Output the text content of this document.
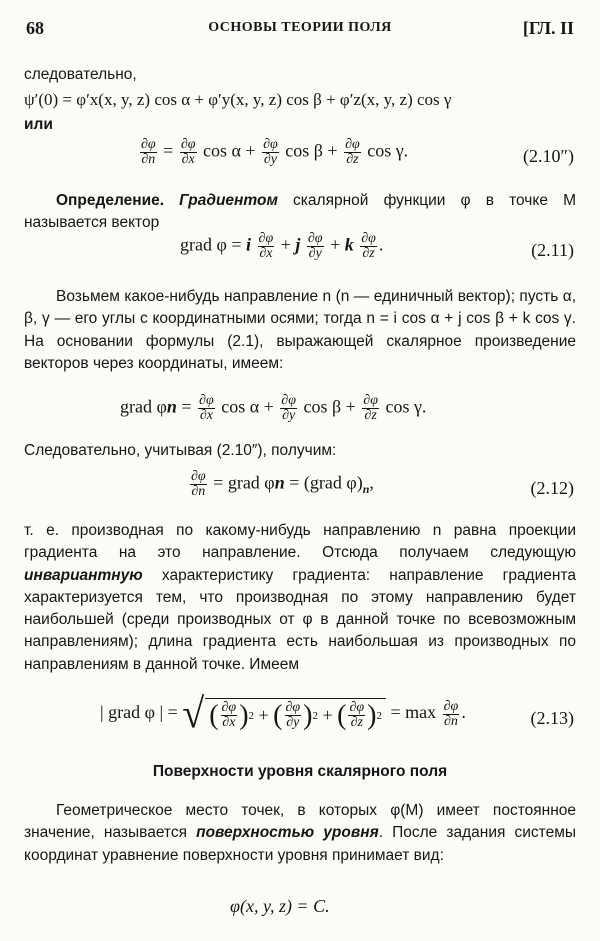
68	ОСНОВЫ ТЕОРИИ ПОЛЯ	[ГЛ. II
следовательно,
ψ′(0) = φ′x(x, y, z) cos α + φ′y(x, y, z) cos β + φ′z(x, y, z) cos γ
или
$\frac{\partial\varphi}{\partial n} = \frac{\partial\varphi}{\partial x}$ $\cos \alpha + \frac{\partial\varphi}{\partial y}$ $\cos \beta + \frac{\partial\varphi}{\partial z}$ cos γ.	(2.10″)
Определение. Градиентом скалярной функции φ в точке M называется вектор
grad φ = i $\frac{\partial\varphi}{\partial x} + j \frac{\partial\varphi}{\partial y} + k \frac{\partial\varphi}{\partial z}$ .	(2.11)
Возьмем какое-нибудь направление n (n — единичный вектор); пусть α, β, γ — его углы с координатными осями; тогда n = i cos α + j cos β + k cos γ. На основании формулы (2.1), выражающей скалярное произведение векторов через координаты, имеем:
grad $\varphi n = \frac{\partial\varphi}{\partial x}$ $\cos \alpha + \frac{\partial\varphi}{\partial y}$ $\cos \beta + \frac{\partial\varphi}{\partial z}$ cos γ.
Следовательно, учитывая (2.10″), получим:
$\frac{\partial\varphi}{\partial n}$ = grad φn = (grad $\varphi)_n$,	(2.12)
т. е. производная по какому-нибудь направлению n равна проекции градиента на это направление. Отсюда получаем следующую инвариантную характеристику градиента: направление градиента характеризуется тем, что производная по этому направлению будет наибольшей (среди производных от φ в данной точке по всевозможным направлениям); длина градиента есть наибольшая из производных по направлениям в данной точке. Имеем
| grad φ | = √ ( $\frac{\partial\varphi}{\partial x}$ ) 2 + ( $\frac{\partial\varphi}{\partial y}$ ) 2 + ( $\frac{\partial\varphi}{\partial z}$ ) $2 = \max \frac{\partial\varphi}{\partial n}$ .	(2.13)
Поверхности уровня скалярного поля
Геометрическое место точек, в которых φ(M) имеет постоянное значение, называется поверхностью уровня. После задания системы координат уравнение поверхности уровня принимает вид:
φ(x, y, z) = C.
